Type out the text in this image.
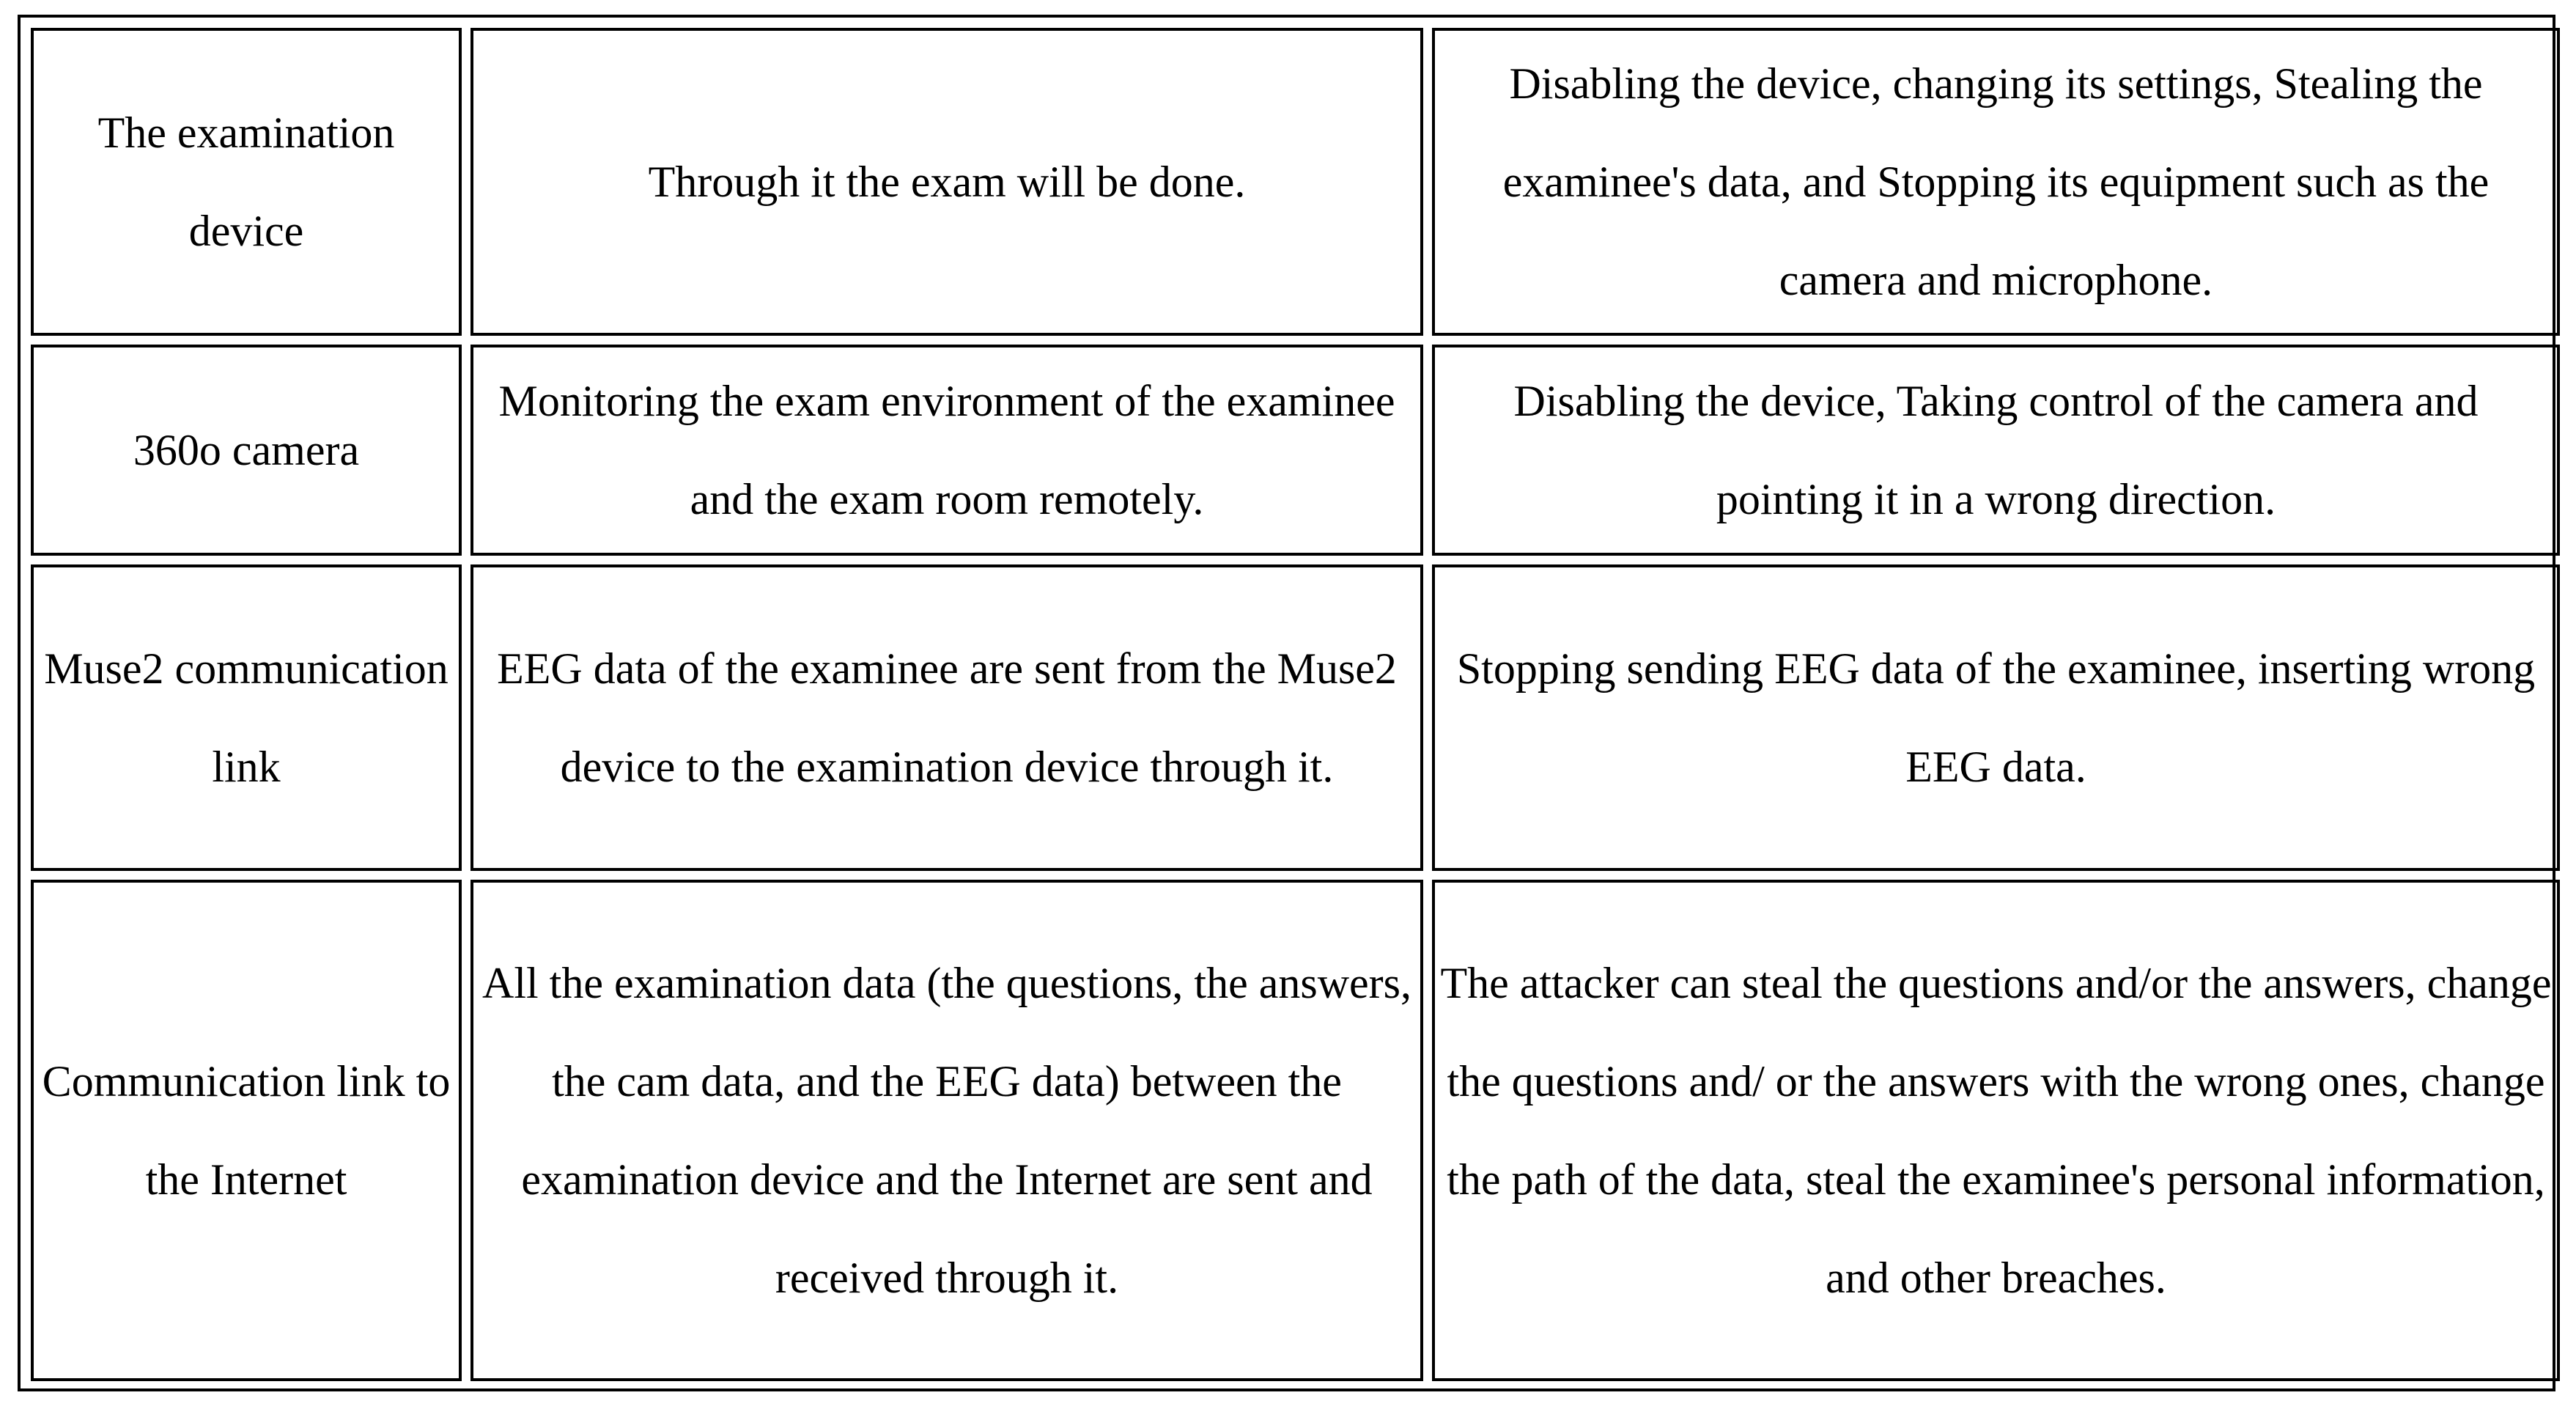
The examination device	Through it the exam will be done.	Disabling the device, changing its settings, Stealing the examinee's data, and Stopping its equipment such as the camera and microphone.
360o camera	Monitoring the exam environment of the examinee and the exam room remotely.	Disabling the device, Taking control of the camera and pointing it in a wrong direction.
Muse2 communication link	EEG data of the examinee are sent from the Muse2 device to the examination device through it.	Stopping sending EEG data of the examinee, inserting wrong EEG data.
Communication link to the Internet	All the examination data (the questions, the answers, the cam data, and the EEG data) between the examination device and the Internet are sent and received through it.	The attacker can steal the questions and/or the answers, change the questions and/ or the answers with the wrong ones, change the path of the data, steal the examinee's personal information, and other breaches.
